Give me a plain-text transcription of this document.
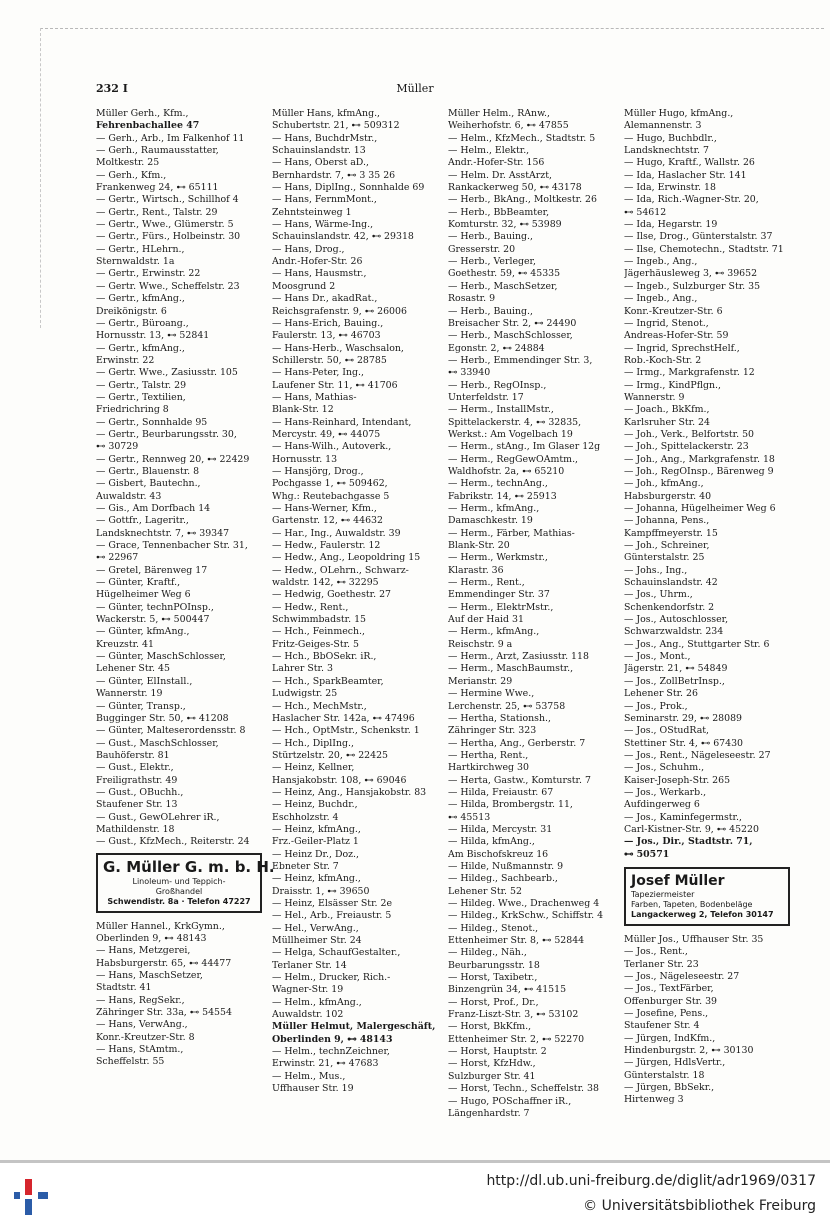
232 I	Müller
Müller Gerh., Kfm.,
Fehrenbachallee 47
— Gerh., Arb., Im Falkenhof 11
— Gerh., Raumausstatter,
Moltkestr. 25
— Gerh., Kfm.,
Frankenweg 24, ⊷ 65111
— Gertr., Wirtsch., Schillhof 4
— Gertr., Rent., Talstr. 29
— Gertr., Wwe., Glümerstr. 5
— Gertr., Fürs., Holbeinstr. 30
— Gertr., HLehrn.,
Sternwaldstr. 1a
— Gertr., Erwinstr. 22
— Gertr. Wwe., Scheffelstr. 23
— Gertr., kfmAng.,
Dreikönigstr. 6
— Gertr., Büroang.,
Hornusstr. 13, ⊷ 52841
— Gertr., kfmAng.,
Erwinstr. 22
— Gertr. Wwe., Zasiusstr. 105
— Gertr., Talstr. 29
— Gertr., Textilien,
Friedrichring 8
— Gertr., Sonnhalde 95
— Gertr., Beurbarungsstr. 30,
⊷ 30729
— Gertr., Rennweg 20, ⊷ 22429
— Gertr., Blauenstr. 8
— Gisbert, Bautechn.,
Auwaldstr. 43
— Gis., Am Dorfbach 14
— Gottfr., Lageritr.,
Landsknechtstr. 7, ⊷ 39347
— Grace, Tennenbacher Str. 31,
⊷ 22967
— Gretel, Bärenweg 17
— Günter, Kraftf.,
Hügelheimer Weg 6
— Günter, technPOInsp.,
Wackerstr. 5, ⊷ 500447
— Günter, kfmAng.,
Kreuzstr. 41
— Günter, MaschSchlosser,
Lehener Str. 45
— Günter, ElInstall.,
Wannerstr. 19
— Günter, Transp.,
Bugginger Str. 50, ⊷ 41208
— Günter, Malteserordensstr. 8
— Gust., MaschSchlosser,
Bauhöferstr. 81
— Gust., Elektr.,
Freiligrathstr. 49
— Gust., OBuchh.,
Staufener Str. 13
— Gust., GewOLehrer iR.,
Mathildenstr. 18
— Gust., KfzMech., Reiterstr. 24
G. Müller G. m. b. H.
Linoleum- und Teppich-
Großhandel
Schwendistr. 8a · Telefon 47227
Müller Hannel., KrkGymn.,
Oberlinden 9, ⊷ 48143
— Hans, Metzgerei,
Habsburgerstr. 65, ⊷ 44477
— Hans, MaschSetzer,
Stadtstr. 41
— Hans, RegSekr.,
Zähringer Str. 33a, ⊷ 54554
— Hans, VerwAng.,
Konr.-Kreutzer-Str. 8
— Hans, StAmtm.,
Scheffelstr. 55
Müller Hans, kfmAng.,
Schubertstr. 21, ⊷ 509312
— Hans, BuchdrMstr.,
Schauinslandstr. 13
— Hans, Oberst aD.,
Bernhardstr. 7, ⊷ 3 35 26
— Hans, DiplIng., Sonnhalde 69
— Hans, FernmMont.,
Zehntsteinweg 1
— Hans, Wärme-Ing.,
Schauinslandstr. 42, ⊷ 29318
— Hans, Drog.,
Andr.-Hofer-Str. 26
— Hans, Hausmstr.,
Moosgrund 2
— Hans Dr., akadRat.,
Reichsgrafenstr. 9, ⊷ 26006
— Hans-Erich, Bauing.,
Faulerstr. 13, ⊷ 46703
— Hans-Herb., Waschsalon,
Schillerstr. 50, ⊷ 28785
— Hans-Peter, Ing.,
Laufener Str. 11, ⊷ 41706
— Hans, Mathias-
Blank-Str. 12
— Hans-Reinhard, Intendant,
Mercystr. 49, ⊷ 44075
— Hans-Wilh., Autoverk.,
Hornusstr. 13
— Hansjörg, Drog.,
Pochgasse 1, ⊷ 509462,
Whg.: Reutebachgasse 5
— Hans-Werner, Kfm.,
Gartenstr. 12, ⊷ 44632
— Har., Ing., Auwaldstr. 39
— Hedw., Faulerstr. 12
— Hedw., Ang., Leopoldring 15
— Hedw., OLehrn., Schwarz-
waldstr. 142, ⊷ 32295
— Hedwig, Goethestr. 27
— Hedw., Rent.,
Schwimmbadstr. 15
— Hch., Feinmech.,
Fritz-Geiges-Str. 5
— Hch., BbOSekr. iR.,
Lahrer Str. 3
— Hch., SparkBeamter,
Ludwigstr. 25
— Hch., MechMstr.,
Haslacher Str. 142a, ⊷ 47496
— Hch., OptMstr., Schenkstr. 1
— Hch., DiplIng.,
Stürtzelstr. 20, ⊷ 22425
— Heinz, Kellner,
Hansjakobstr. 108, ⊷ 69046
— Heinz, Ang., Hansjakobstr. 83
— Heinz, Buchdr.,
Eschholzstr. 4
— Heinz, kfmAng.,
Frz.-Geiler-Platz 1
— Heinz Dr., Doz.,
Ebneter Str. 7
— Heinz, kfmAng.,
Draisstr. 1, ⊷ 39650
— Heinz, Elsässer Str. 2e
— Hel., Arb., Freiaustr. 5
— Hel., VerwAng.,
Müllheimer Str. 24
— Helga, SchaufGestalter.,
Terlaner Str. 14
— Helm., Drucker, Rich.-
Wagner-Str. 19
— Helm., kfmAng.,
Auwaldstr. 102
Müller Helmut, Malergeschäft,
Oberlinden 9, ⊷ 48143
— Helm., technZeichner,
Erwinstr. 21, ⊷ 47683
— Helm., Mus.,
Uffhauser Str. 19
Müller Helm., RAnw.,
Weiherhofstr. 6, ⊷ 47855
— Helm., KfzMech., Stadtstr. 5
— Helm., Elektr.,
Andr.-Hofer-Str. 156
— Helm. Dr. AsstArzt,
Rankackerweg 50, ⊷ 43178
— Herb., BkAng., Moltkestr. 26
— Herb., BbBeamter,
Komturstr. 32, ⊷ 53989
— Herb., Bauing.,
Gresserstr. 20
— Herb., Verleger,
Goethestr. 59, ⊷ 45335
— Herb., MaschSetzer,
Rosastr. 9
— Herb., Bauing.,
Breisacher Str. 2, ⊷ 24490
— Herb., MaschSchlosser,
Egonstr. 2, ⊷ 24884
— Herb., Emmendinger Str. 3,
⊷ 33940
— Herb., RegOInsp.,
Unterfeldstr. 17
— Herm., InstallMstr.,
Spittelackerstr. 4, ⊷ 32835,
Werkst.: Am Vogelbach 19
— Herm., stAng., Im Glaser 12g
— Herm., RegGewOAmtm.,
Waldhofstr. 2a, ⊷ 65210
— Herm., technAng.,
Fabrikstr. 14, ⊷ 25913
— Herm., kfmAng.,
Damaschkestr. 19
— Herm., Färber, Mathias-
Blank-Str. 20
— Herm., Werkmstr.,
Klarastr. 36
— Herm., Rent.,
Emmendinger Str. 37
— Herm., ElektrMstr.,
Auf der Haid 31
— Herm., kfmAng.,
Reischstr. 9 a
— Herm., Arzt, Zasiusstr. 118
— Herm., MaschBaumstr.,
Merianstr. 29
— Hermine Wwe.,
Lerchenstr. 25, ⊷ 53758
— Hertha, Stationsh.,
Zähringer Str. 323
— Hertha, Ang., Gerberstr. 7
— Hertha, Rent.,
Hartkirchweg 30
— Herta, Gastw., Komturstr. 7
— Hilda, Freiaustr. 67
— Hilda, Brombergstr. 11,
⊷ 45513
— Hilda, Mercystr. 31
— Hilda, kfmAng.,
Am Bischofskreuz 16
— Hilde, Nußmannstr. 9
— Hildeg., Sachbearb.,
Lehener Str. 52
— Hildeg. Wwe., Drachenweg 4
— Hildeg., KrkSchw., Schiffstr. 4
— Hildeg., Stenot.,
Ettenheimer Str. 8, ⊷ 52844
— Hildeg., Näh.,
Beurbarungsstr. 18
— Horst, Taxibetr.,
Binzengrün 34, ⊷ 41515
— Horst, Prof., Dr.,
Franz-Liszt-Str. 3, ⊷ 53102
— Horst, BkKfm.,
Ettenheimer Str. 2, ⊷ 52270
— Horst, Hauptstr. 2
— Horst, KfzHdw.,
Sulzburger Str. 41
— Horst, Techn., Scheffelstr. 38
— Hugo, POSchaffner iR.,
Längenhardstr. 7
Müller Hugo, kfmAng.,
Alemannenstr. 3
— Hugo, Buchbdlr.,
Landsknechtstr. 7
— Hugo, Kraftf., Wallstr. 26
— Ida, Haslacher Str. 141
— Ida, Erwinstr. 18
— Ida, Rich.-Wagner-Str. 20,
⊷ 54612
— Ida, Hegarstr. 19
— Ilse, Drog., Günterstalstr. 37
— Ilse, Chemotechn., Stadtstr. 71
— Ingeb., Ang.,
Jägerhäusleweg 3, ⊷ 39652
— Ingeb., Sulzburger Str. 35
— Ingeb., Ang.,
Konr.-Kreutzer-Str. 6
— Ingrid, Stenot.,
Andreas-Hofer-Str. 59
— Ingrid, SprechstHelf.,
Rob.-Koch-Str. 2
— Irmg., Markgrafenstr. 12
— Irmg., KindPflgn.,
Wannerstr. 9
— Joach., BkKfm.,
Karlsruher Str. 24
— Joh., Verk., Belfortstr. 50
— Joh., Spittelackerstr. 23
— Joh., Ang., Markgrafenstr. 18
— Joh., RegOInsp., Bärenweg 9
— Joh., kfmAng.,
Habsburgerstr. 40
— Johanna, Hügelheimer Weg 6
— Johanna, Pens.,
Kampffmeyerstr. 15
— Joh., Schreiner,
Günterstalstr. 25
— Johs., Ing.,
Schauinslandstr. 42
— Jos., Uhrm.,
Schenkendorfstr. 2
— Jos., Autoschlosser,
Schwarzwaldstr. 234
— Jos., Ang., Stuttgarter Str. 6
— Jos., Mont.,
Jägerstr. 21, ⊷ 54849
— Jos., ZollBetrInsp.,
Lehener Str. 26
— Jos., Prok.,
Seminarstr. 29, ⊷ 28089
— Jos., OStudRat,
Stettiner Str. 4, ⊷ 67430
— Jos., Rent., Nägeleseestr. 27
— Jos., Schuhm.,
Kaiser-Joseph-Str. 265
— Jos., Werkarb.,
Aufdingerweg 6
— Jos., Kaminfegermstr.,
Carl-Kistner-Str. 9, ⊷ 45220
— Jos., Dir., Stadtstr. 71,
⊷ 50571
Josef Müller
Tapeziermeister
Farben, Tapeten, Bodenbeläge
Langackerweg 2, Telefon 30147
Müller Jos., Uffhauser Str. 35
— Jos., Rent.,
Terlaner Str. 23
— Jos., Nägeleseestr. 27
— Jos., TextFärber,
Offenburger Str. 39
— Josefine, Pens.,
Staufener Str. 4
— Jürgen, IndKfm.,
Hindenburgstr. 2, ⊷ 30130
— Jürgen, HdlsVertr.,
Günterstalstr. 18
— Jürgen, BbSekr.,
Hirtenweg 3
http://dl.ub.uni-freiburg.de/diglit/adr1969/0317
© Universitätsbibliothek Freiburg
